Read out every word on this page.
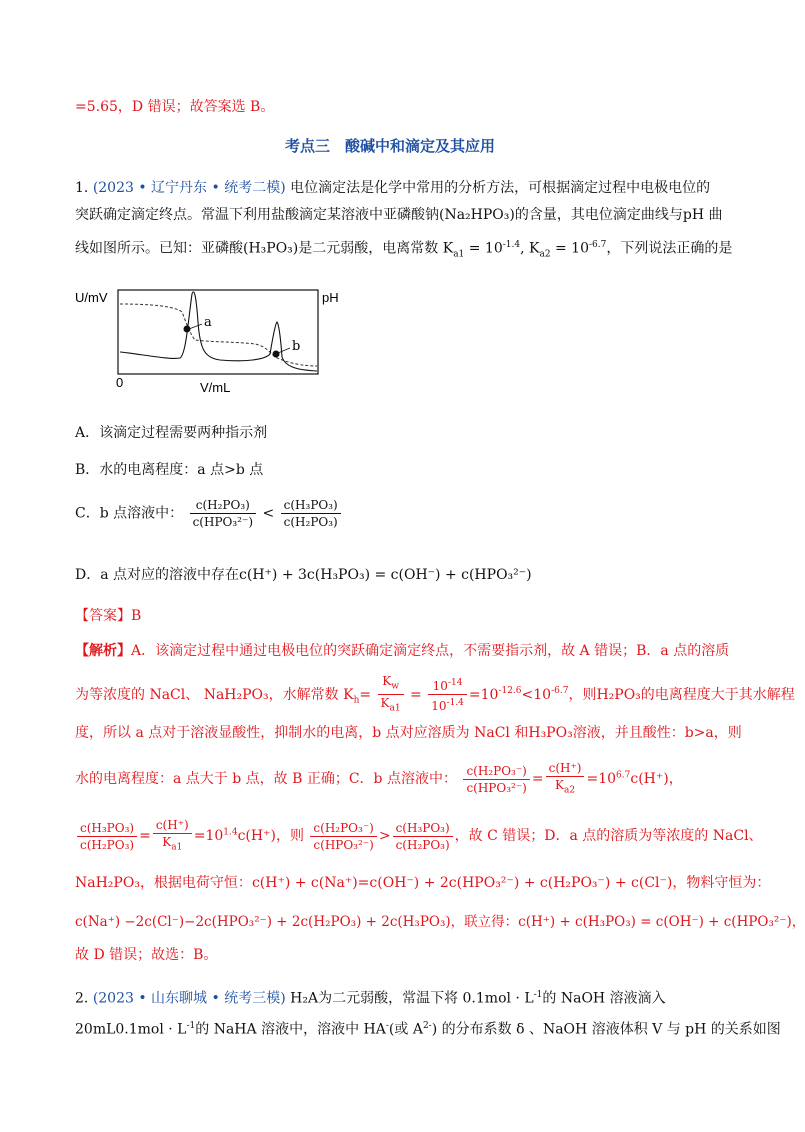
=5.65，D 错误；故答案选 B。
考点三　酸碱中和滴定及其应用
1. (2023 • 辽宁丹东 • 统考二模) 电位滴定法是化学中常用的分析方法，可根据滴定过程中电极电位的
突跃确定滴定终点。常温下利用盐酸滴定某溶液中亚磷酸钠(Na₂HPO₃)的含量，其电位滴定曲线与pH 曲
线如图所示。已知：亚磷酸(H₃PO₃)是二元弱酸，电离常数 $K_{a1} = 10^{-1.4}$, $K_{a2} = 10^{-6.7}$，下列说法正确的是
U/mV	pH
0	V/mL
a
b
A．该滴定过程需要两种指示剂
B．水的电离程度：a 点>b 点
C．b 点溶液中： $\frac{\text{c(H₂PO₃)}}{\text{c(HPO₃²⁻)}} < \frac{\text{c(H₃PO₃)}}{\text{c(H₂PO₃)}}$
D．a 点对应的溶液中存在c(H⁺) + 3c(H₃PO₃) = c(OH⁻) + c(HPO₃²⁻)
【答案】B
【解析】A．该滴定过程中通过电极电位的突跃确定滴定终点，不需要指示剂，故 A 错误；B．a 点的溶质
为等浓度的 NaCl、 NaH₂PO₃，水解常数 $K_h= \frac{K_w}{K_{a1}} = \frac{10^{-14}}{10^{-1.4}} =10^{-12.6}<10^{-6.7}$，则H₂PO₃的电离程度大于其水解程
度，所以 a 点对于溶液显酸性，抑制水的电离，b 点对应溶质为 NaCl 和H₃PO₃溶液，并且酸性：b>a，则
水的电离程度：a 点大于 b 点，故 B 正确；C．b 点溶液中： $\frac{\text{c(H₂PO₃⁻)}}{\text{c(HPO₃²⁻)}} = \frac{c(H^+)}{K_{a2}} =10^{6.7}c(H^+)$，
$\frac{\text{c(H₃PO₃)}}{\text{c(H₂PO₃)}} = \frac{c(H^+)}{K_{a1}} =10^{1.4}c(H^+)$，则 $\frac{\text{c(H₂PO₃⁻)}}{\text{c(HPO₃²⁻)}} > \frac{\text{c(H₃PO₃)}}{\text{c(H₂PO₃)}}$ ，故 C 错误；D．a 点的溶质为等浓度的 NaCl、
NaH₂PO₃，根据电荷守恒：c(H⁺) + c(Na⁺)=c(OH⁻) + 2c(HPO₃²⁻) + c(H₂PO₃⁻) + c(Cl⁻)，物料守恒为：
c(Na⁺) −2c(Cl⁻)−2c(HPO₃²⁻) + 2c(H₂PO₃) + 2c(H₃PO₃)，联立得：c(H⁺) + c(H₃PO₃) = c(OH⁻) + c(HPO₃²⁻)，
故 D 错误；故选：B。
2. (2023 • 山东聊城 • 统考三模) H₂A为二元弱酸，常温下将 $0.1mol \cdot L^{-1}$的 NaOH 溶液滴入
$20mL0.1mol \cdot L^{-1}$的 NaHA 溶液中，溶液中 HA-(或 $A^{2-}$) 的分布系数 δ 、NaOH 溶液体积 V 与 pH 的关系如图
